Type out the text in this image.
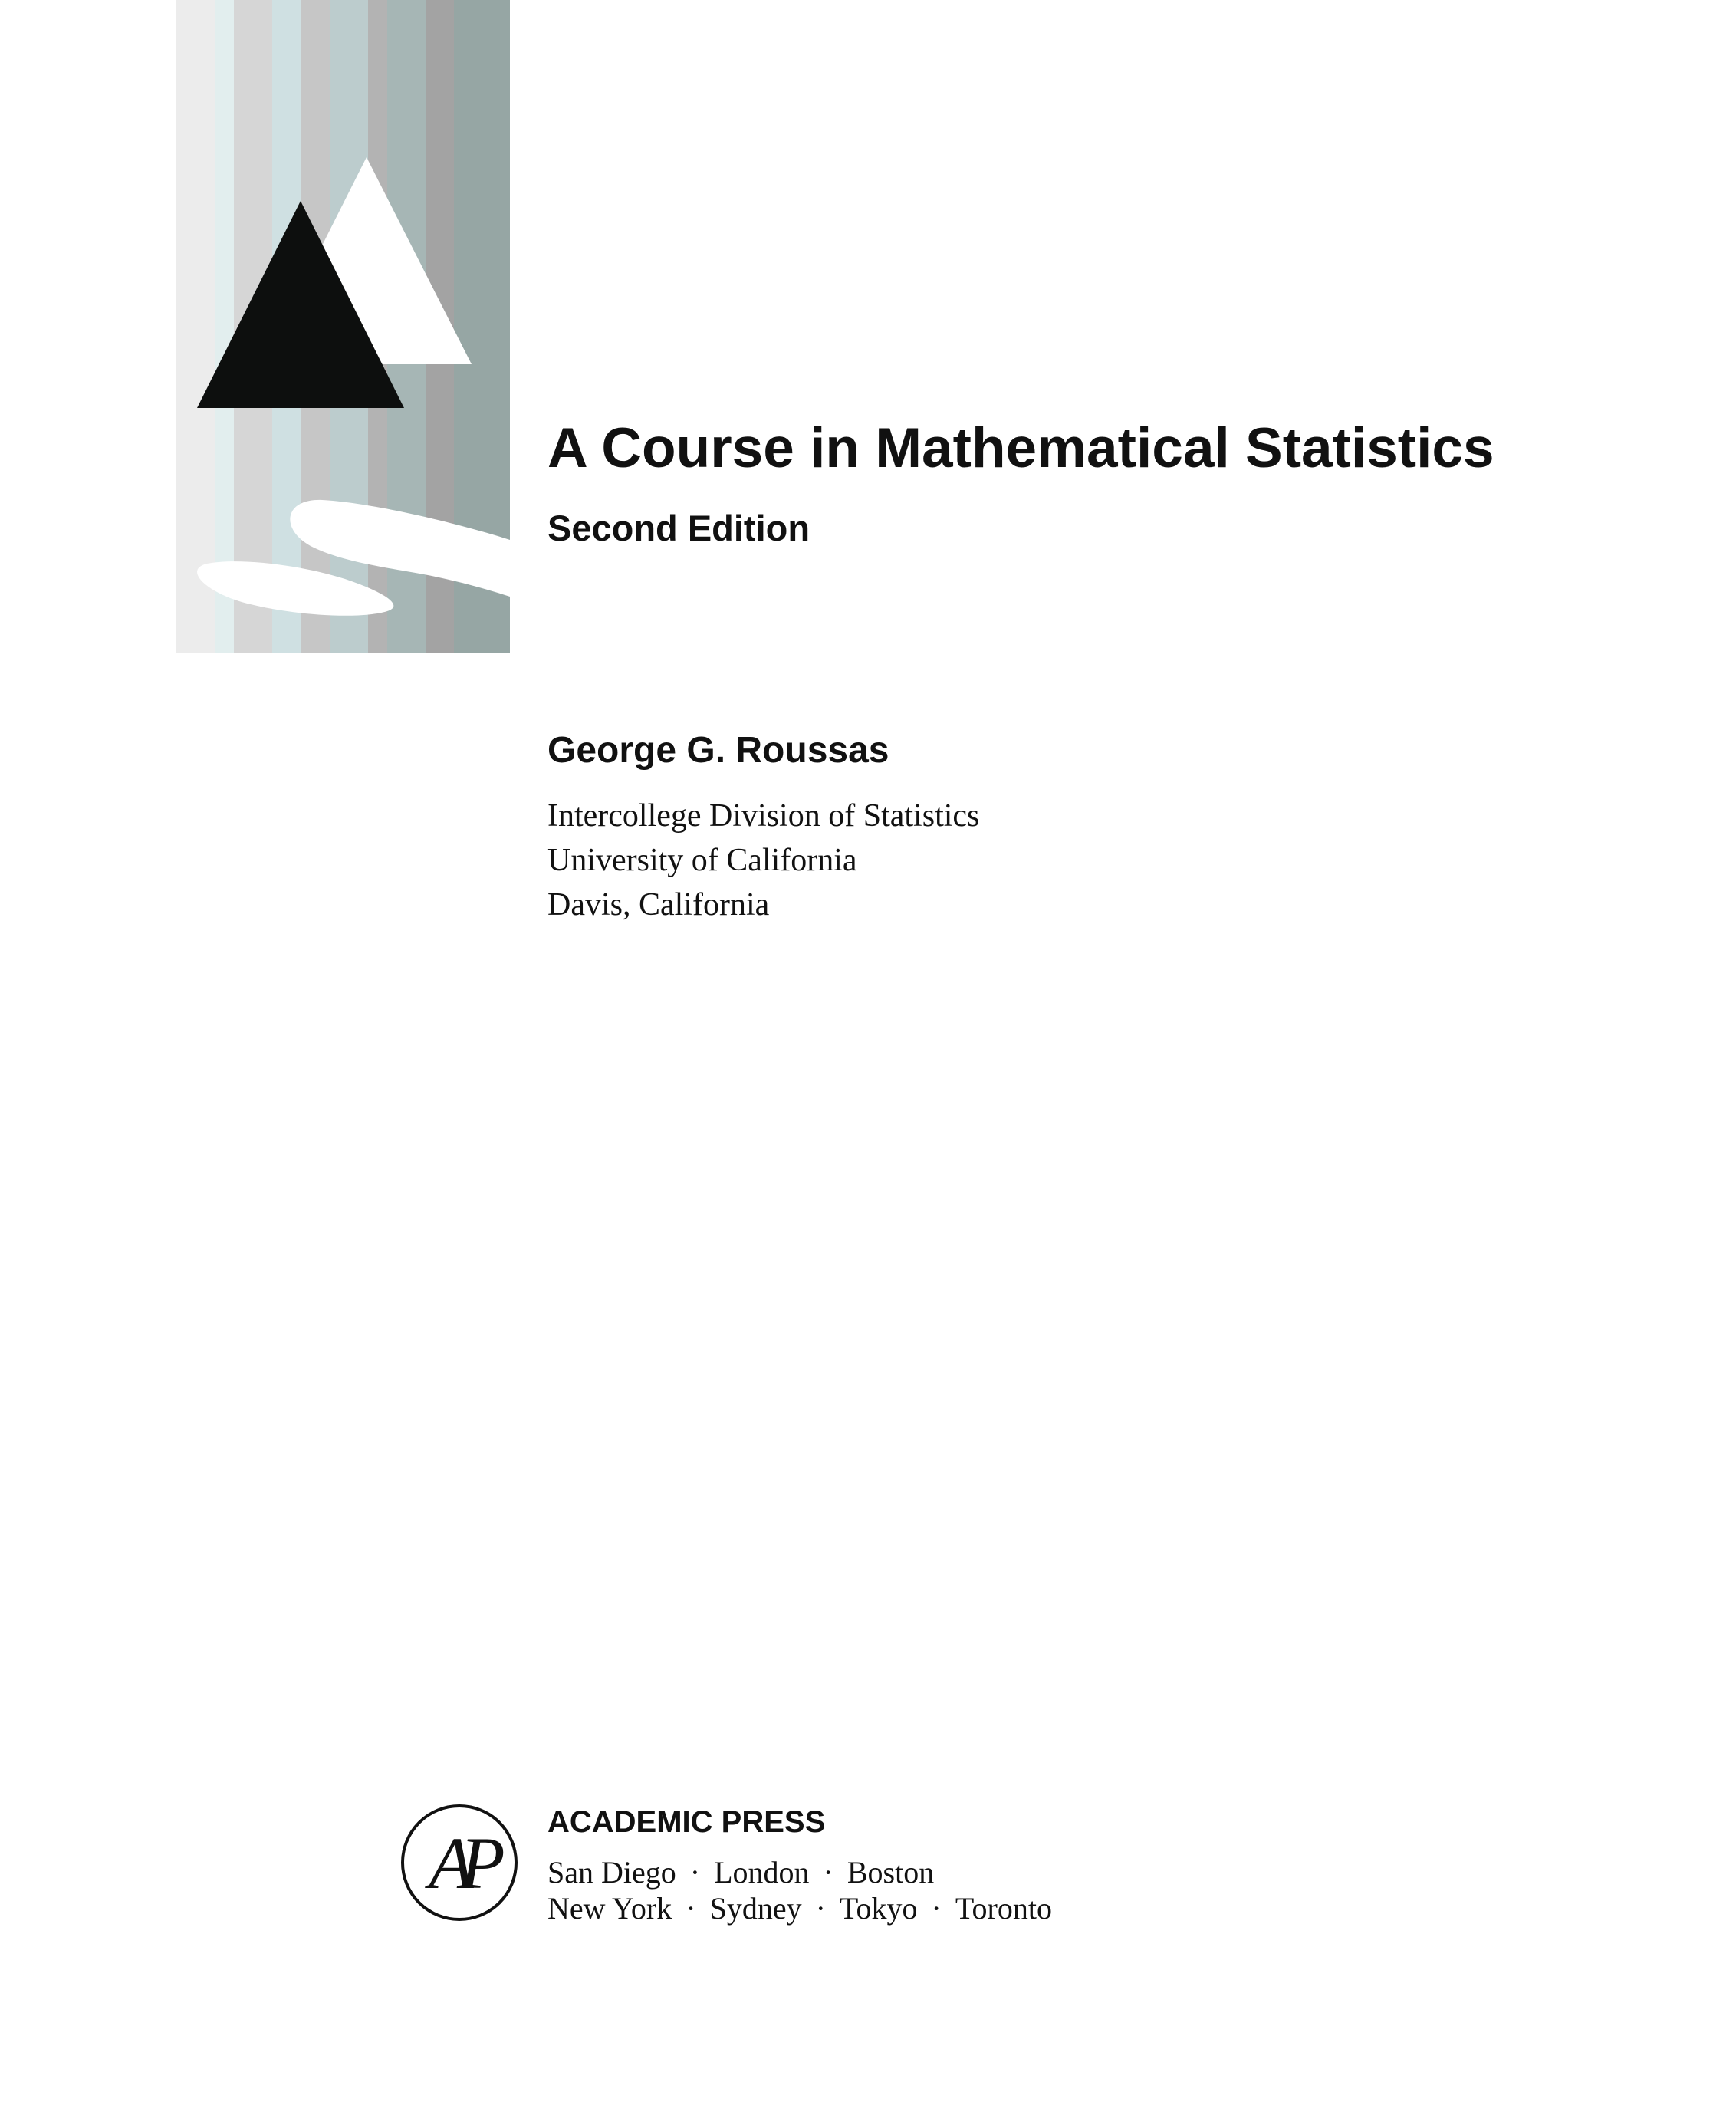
A Course in Mathematical Statistics
Second Edition
George G. Roussas
Intercollege Division of Statistics
University of California
Davis, California
AP	ACADEMIC PRESS
San Diego · London · Boston
New York · Sydney · Tokyo · Toronto
